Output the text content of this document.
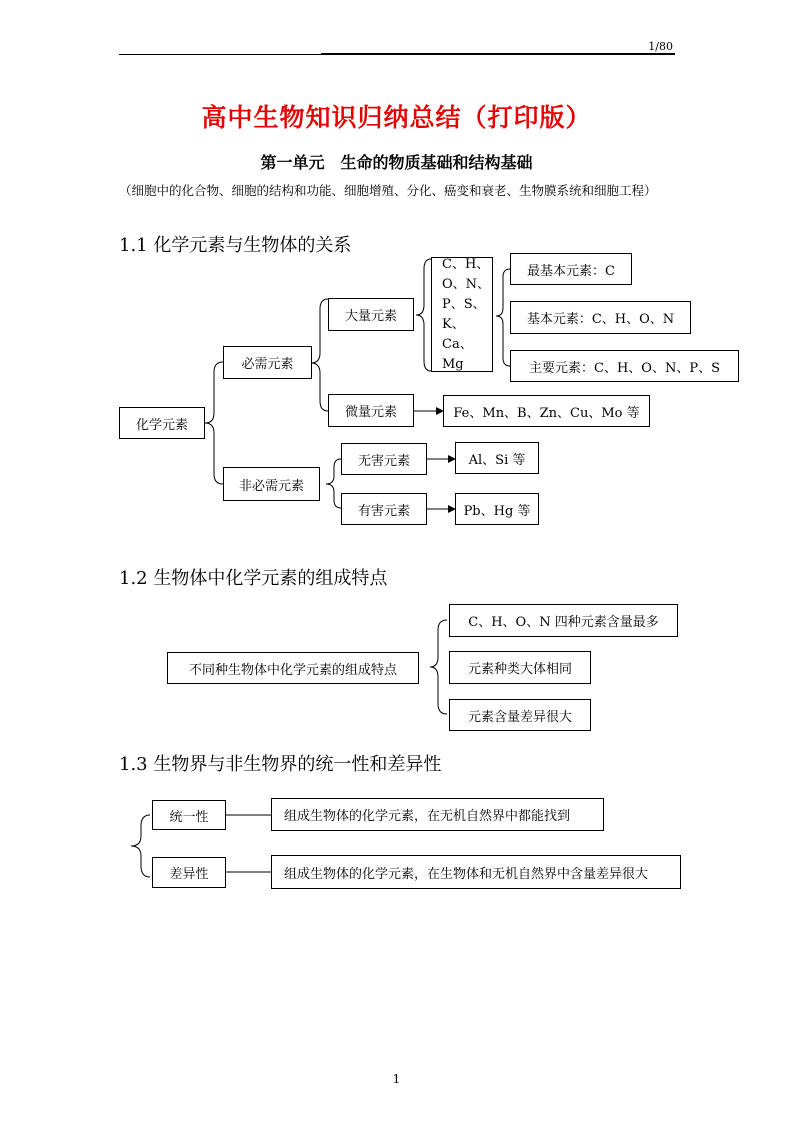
1/80
高中生物知识归纳总结（打印版）
第一单元　生命的物质基础和结构基础
（细胞中的化合物、细胞的结构和功能、细胞增殖、分化、癌变和衰老、生物膜系统和细胞工程）
1.1 化学元素与生物体的关系
化学元素
必需元素
非必需元素
大量元素
微量元素
C、H、
O、N、
P、S、
K、Ca、
Mg
最基本元素：C
基本元素：C、H、O、N
主要元素：C、H、O、N、P、S
Fe、Mn、B、Zn、Cu、Mo 等
无害元素
有害元素
Al、Si 等
Pb、Hg 等
1.2 生物体中化学元素的组成特点
不同种生物体中化学元素的组成特点
C、H、O、N 四种元素含量最多
元素种类大体相同
元素含量差异很大
1.3 生物界与非生物界的统一性和差异性
统一性
差异性
组成生物体的化学元素，在无机自然界中都能找到
组成生物体的化学元素，在生物体和无机自然界中含量差异很大
1
